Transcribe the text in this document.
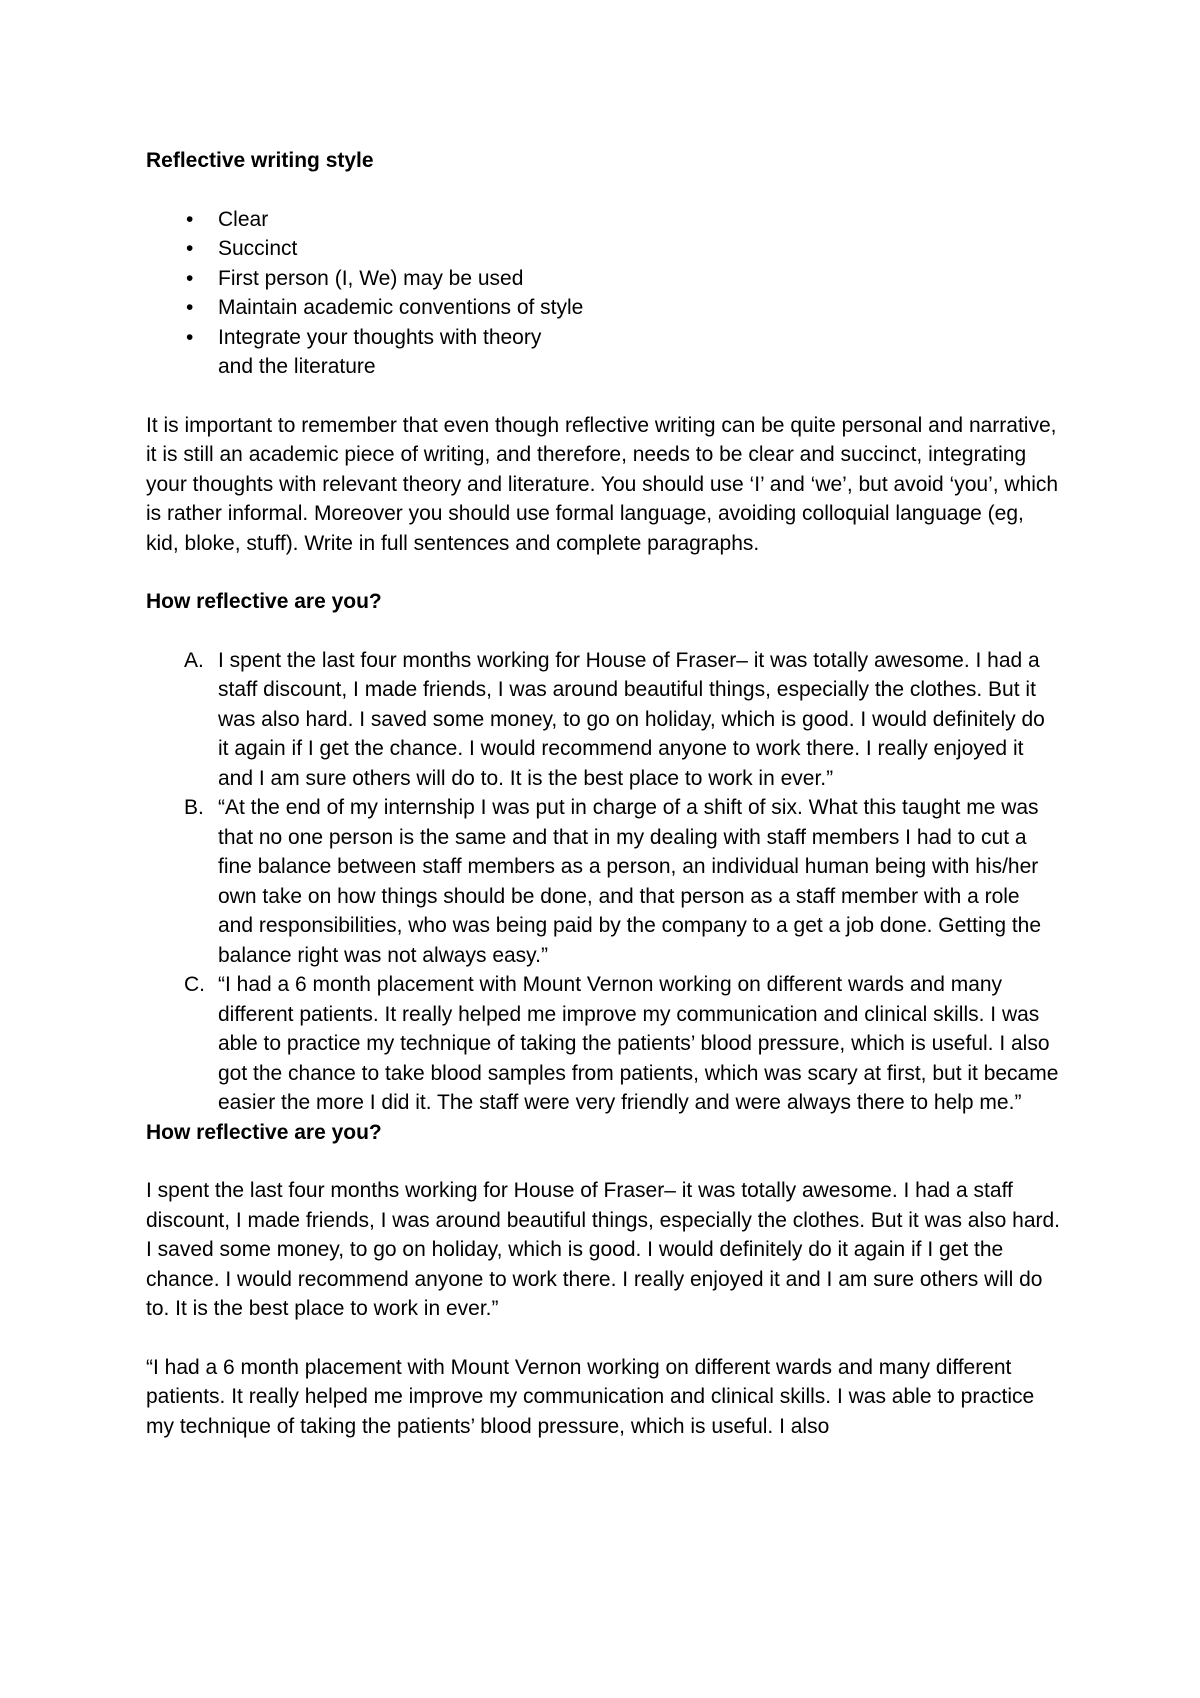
Reflective writing style

• Clear
• Succinct
• First person (I, We) may be used
• Maintain academic conventions of style
• Integrate your thoughts with theory
and the literature

It is important to remember that even though reflective writing can be quite personal and narrative, it is still an academic piece of writing, and therefore, needs to be clear and succinct, integrating your thoughts with relevant theory and literature. You should use ‘I’ and ‘we’, but avoid ‘you’, which is rather informal. Moreover you should use formal language, avoiding colloquial language (eg, kid, bloke, stuff). Write in full sentences and complete paragraphs.

How reflective are you?

A. I spent the last four months working for House of Fraser– it was totally awesome. I had a staff discount, I made friends, I was around beautiful things, especially the clothes. But it was also hard. I saved some money, to go on holiday, which is good. I would definitely do it again if I get the chance. I would recommend anyone to work there. I really enjoyed it and I am sure others will do to. It is the best place to work in ever.”
B. “At the end of my internship I was put in charge of a shift of six. What this taught me was that no one person is the same and that in my dealing with staff members I had to cut a fine balance between staff members as a person, an individual human being with his/her own take on how things should be done, and that person as a staff member with a role and responsibilities, who was being paid by the company to a get a job done. Getting the balance right was not always easy.”
C. “I had a 6 month placement with Mount Vernon working on different wards and many different patients. It really helped me improve my communication and clinical skills. I was able to practice my technique of taking the patients’ blood pressure, which is useful. I also got the chance to take blood samples from patients, which was scary at first, but it became easier the more I did it. The staff were very friendly and were always there to help me.”

How reflective are you?

I spent the last four months working for House of Fraser– it was totally awesome. I had a staff discount, I made friends, I was around beautiful things, especially the clothes. But it was also hard. I saved some money, to go on holiday, which is good. I would definitely do it again if I get the chance. I would recommend anyone to work there. I really enjoyed it and I am sure others will do to. It is the best place to work in ever.”

“I had a 6 month placement with Mount Vernon working on different wards and many different patients. It really helped me improve my communication and clinical skills. I was able to practice my technique of taking the patients’ blood pressure, which is useful. I also
